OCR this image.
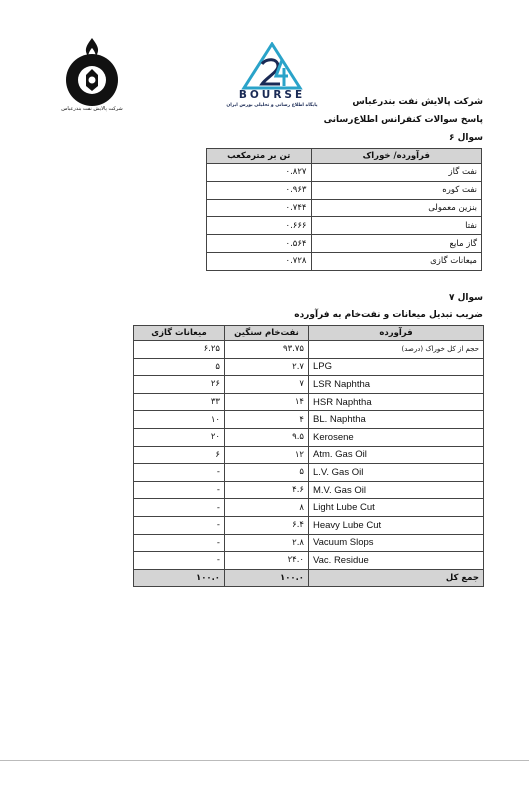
شرکت پالایش نفت بندرعباس
BOURSE
پایگاه اطلاع رسانی و تحلیلی بورس ایران	شرکت پالایش نفت بندرعباس
پاسخ سوالات کنفرانس اطلاع‌رسانی
سوال ۶
فرآورده/ خوراک	تن بر مترمکعب
نفت گاز	۰.۸۲۷
نفت کوره	۰.۹۶۳
بنزین معمولی	۰.۷۴۴
نفتا	۰.۶۶۶
گاز مایع	۰.۵۶۴
میعانات گازی	۰.۷۲۸
سوال ۷
ضریب تبدیل میعانات و نفت‌خام به فرآورده
فرآورده	نفت‌خام سنگین	میعانات گازی
حجم از کل خوراک (درصد)	۹۳.۷۵	۶.۲۵
LPG	۲.۷	۵
LSR Naphtha	۷	۲۶
HSR Naphtha	۱۴	۳۳
BL. Naphtha	۴	۱۰
Kerosene	۹.۵	۲۰
Atm. Gas Oil	۱۲	۶
L.V. Gas Oil	۵	-
M.V. Gas Oil	۴.۶	-
Light Lube Cut	۸	-
Heavy Lube Cut	۶.۴	-
Vacuum Slops	۲.۸	-
Vac. Residue	۲۴.۰	-
جمع کل	۱۰۰.۰	۱۰۰.۰
